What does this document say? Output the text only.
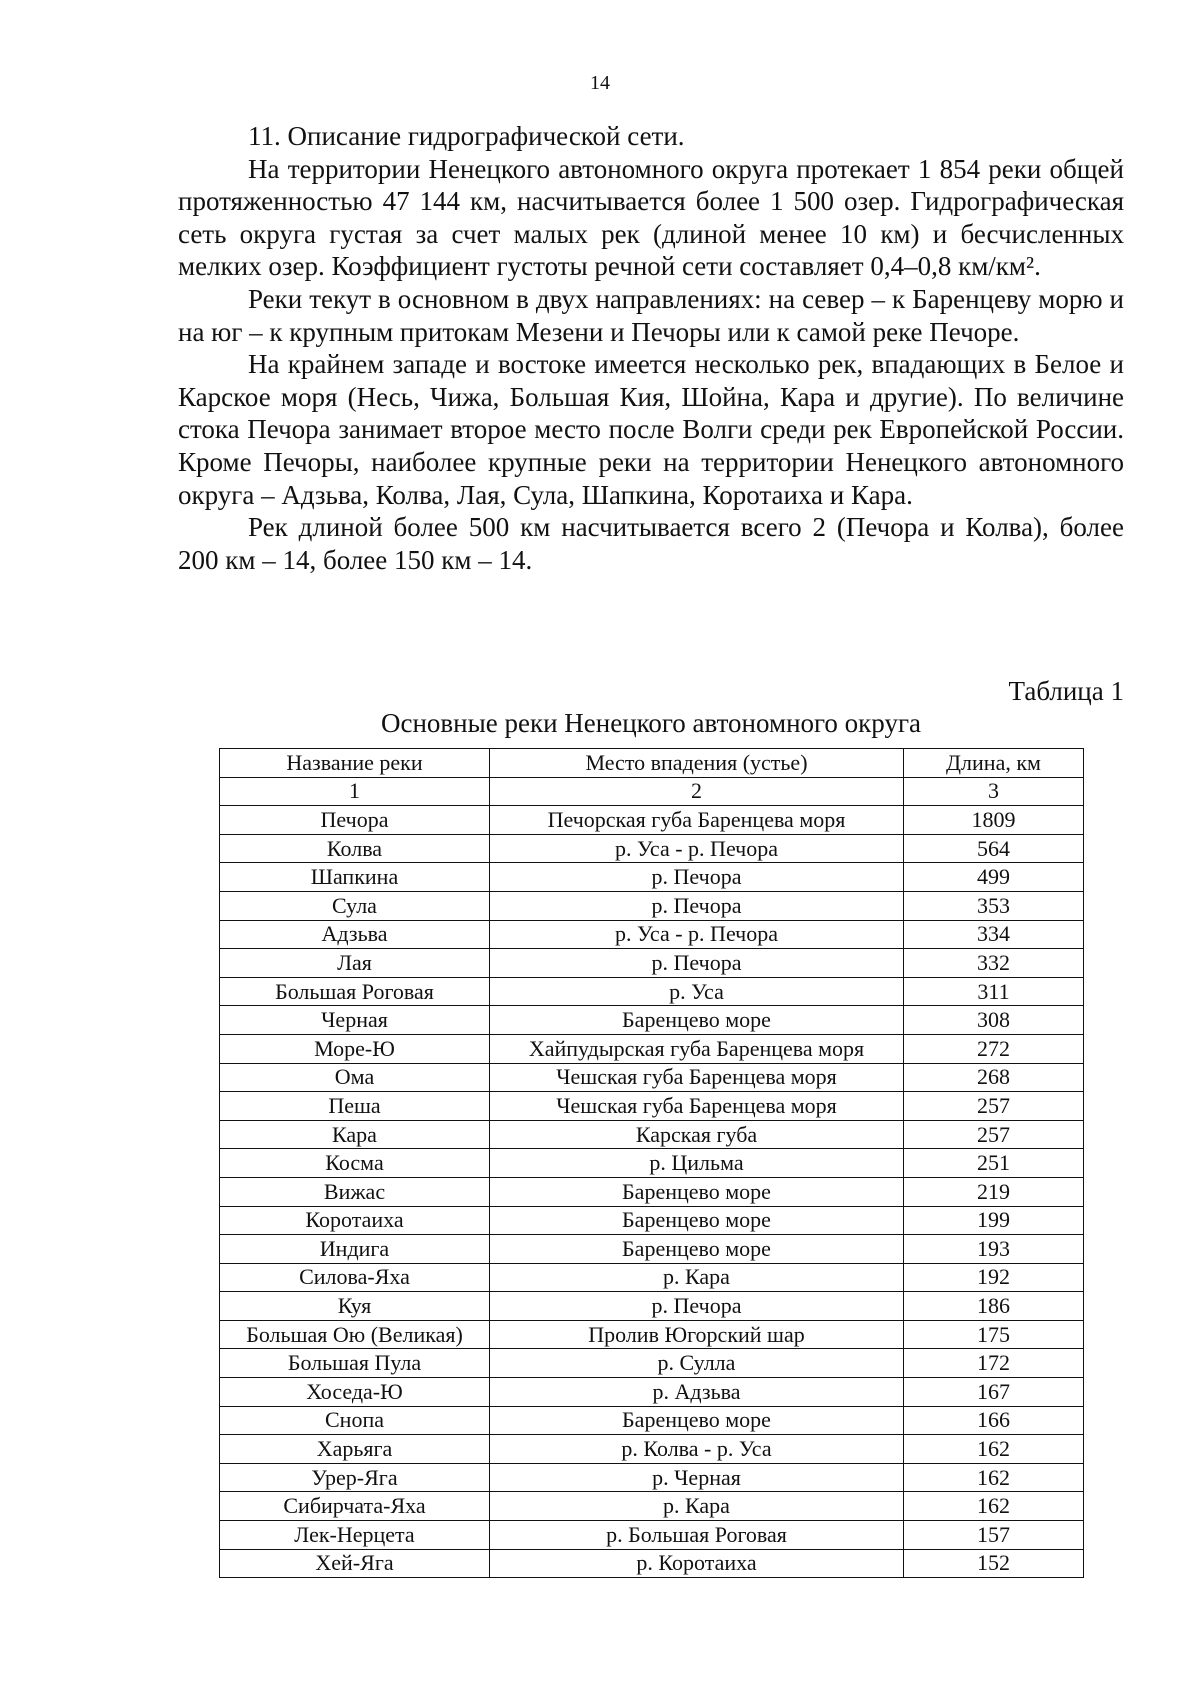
14

11. Описание гидрографической сети.

На территории Ненецкого автономного округа протекает 1 854 реки общей протяженностью 47 144 км, насчитывается более 1 500 озер. Гидрографическая сеть округа густая за счет малых рек (длиной менее 10 км) и бесчисленных мелких озер. Коэффициент густоты речной сети составляет 0,4–0,8 км/км².

Реки текут в основном в двух направлениях: на север – к Баренцеву морю и на юг – к крупным притокам Мезени и Печоры или к самой реке Печоре.

На крайнем западе и востоке имеется несколько рек, впадающих в Белое и Карское моря (Несь, Чижа, Большая Кия, Шойна, Кара и другие). По величине стока Печора занимает второе место после Волги среди рек Европейской России. Кроме Печоры, наиболее крупные реки на территории Ненецкого автономного округа – Адзьва, Колва, Лая, Сула, Шапкина, Коротаиха и Кара.

Рек длиной более 500 км насчитывается всего 2 (Печора и Колва), более 200 км – 14, более 150 км – 14.

Таблица 1
Основные реки Ненецкого автономного округа
Название реки	Место впадения (устье)	Длина, км
1	2	3
Печора	Печорская губа Баренцева моря	1809
Колва	р. Уса - р. Печора	564
Шапкина	р. Печора	499
Сула	р. Печора	353
Адзьва	р. Уса - р. Печора	334
Лая	р. Печора	332
Большая Роговая	р. Уса	311
Черная	Баренцево море	308
Море-Ю	Хайпудырская губа Баренцева моря	272
Ома	Чешская губа Баренцева моря	268
Пеша	Чешская губа Баренцева моря	257
Кара	Карская губа	257
Косма	р. Цильма	251
Вижас	Баренцево море	219
Коротаиха	Баренцево море	199
Индига	Баренцево море	193
Силова-Яха	р. Кара	192
Куя	р. Печора	186
Большая Ою (Великая)	Пролив Югорский шар	175
Большая Пула	р. Сулла	172
Хоседа-Ю	р. Адзьва	167
Снопа	Баренцево море	166
Харьяга	р. Колва - р. Уса	162
Урер-Яга	р. Черная	162
Сибирчата-Яха	р. Кара	162
Лек-Нерцета	р. Большая Роговая	157
Хей-Яга	р. Коротаиха	152
